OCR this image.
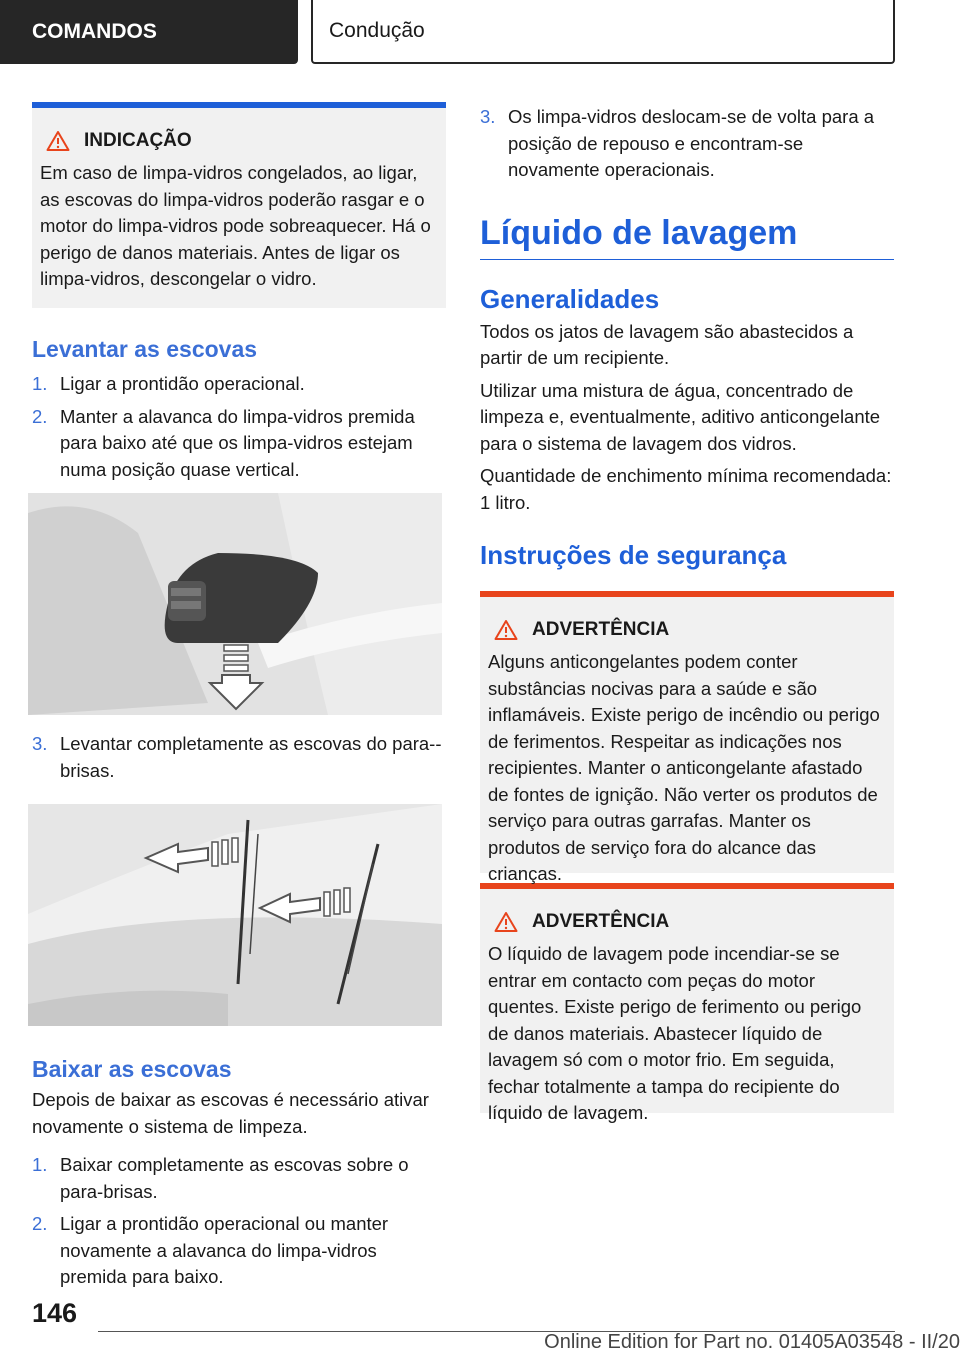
COMANDOS	Condução
INDICAÇÃO
Em caso de limpa-vidros congelados, ao ligar, as escovas do limpa-vidros poderão rasgar e o motor do limpa-vidros pode sobreaquecer. Há o perigo de danos materiais. Antes de ligar os limpa-vidros, descongelar o vidro.
Levantar as escovas
1. Ligar a prontidão operacional.
2. Manter a alavanca do limpa-vidros premida para baixo até que os limpa-vidros estejam numa posição quase vertical.
3. Levantar completamente as escovas do para--brisas.
Baixar as escovas

Depois de baixar as escovas é necessário ativar novamente o sistema de limpeza.

1. Baixar completamente as escovas sobre o para-brisas.
2. Ligar a prontidão operacional ou manter novamente a alavanca do limpa-vidros premida para baixo.
3. Os limpa-vidros deslocam-se de volta para a posição de repouso e encontram-se novamente operacionais.
Líquido de lavagem
Generalidades

Todos os jatos de lavagem são abastecidos a partir de um recipiente.

Utilizar uma mistura de água, concentrado de limpeza e, eventualmente, aditivo anticongelante para o sistema de lavagem dos vidros.

Quantidade de enchimento mínima recomendada: 1 litro.

Instruções de segurança
ADVERTÊNCIA
Alguns anticongelantes podem conter substâncias nocivas para a saúde e são inflamáveis. Existe perigo de incêndio ou perigo de ferimentos. Respeitar as indicações nos recipientes. Manter o anticongelante afastado de fontes de ignição. Não verter os produtos de serviço para outras garrafas. Manter os produtos de serviço fora do alcance das crianças.
ADVERTÊNCIA
O líquido de lavagem pode incendiar-se se entrar em contacto com peças do motor quentes. Existe perigo de ferimento ou perigo de danos materiais. Abastecer líquido de lavagem só com o motor frio. Em seguida, fechar totalmente a tampa do recipiente do líquido de lavagem.
146
Online Edition for Part no. 01405A03548 - II/20
